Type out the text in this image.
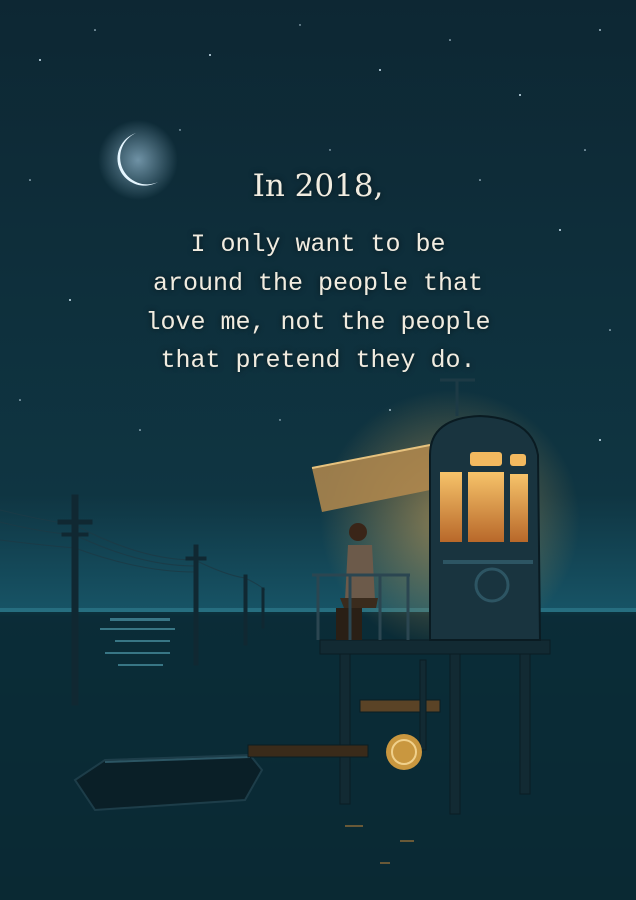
In 2018,
I only want to be
around the people that
love me, not the people
that pretend they do.
